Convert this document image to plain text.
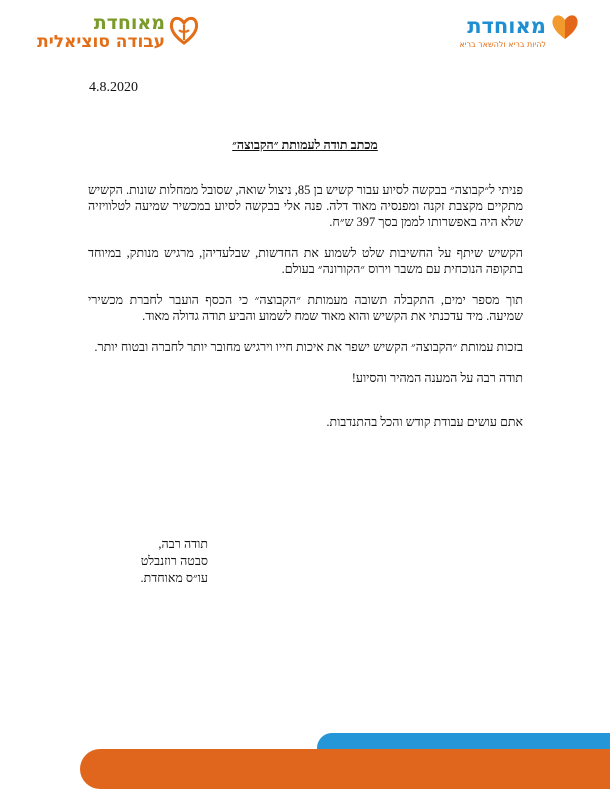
מאוחדת
עבודה סוציאלית
מאוחדת
להיות בריא ולהשאר בריא
4.8.2020
מכתב תודה לעמותת ״הקבוצה״

פניתי ל״קבוצה״ בבקשה לסיוע עבור קשיש בן 85, ניצול שואה, שסובל ממחלות שונות. הקשיש מתקיים מקצבת זקנה ומפנסיה מאוד דלה. פנה אלי בבקשה לסיוע במכשיר שמיעה לטלוויזיה שלא היה באפשרותו לממן בסך 397 ש״ח.

הקשיש שיתף על החשיבות שלט לשמוע את החדשות, שבלעדיהן, מרגיש מנותק, במיוחד בתקופה הנוכחית עם משבר וירוס ״הקורונה״ בעולם.

תוך מספר ימים, התקבלה תשובה מעמותת ״הקבוצה״ כי הכסף הועבר לחברת מכשירי שמיעה. מיד עדכנתי את הקשיש והוא מאוד שמח לשמוע והביע תודה גדולה מאוד.

בזכות עמותת ״הקבוצה״ הקשיש ישפר את איכות חייו וירגיש מחובר יותר לחברה ובטוח יותר.

תודה רבה על המענה המהיר והסיוע!

אתם עושים עבודת קודש והכל בהתנדבות.

תודה רבה,
סבטה רוזנבלט
עו״ס מאוחדת.
